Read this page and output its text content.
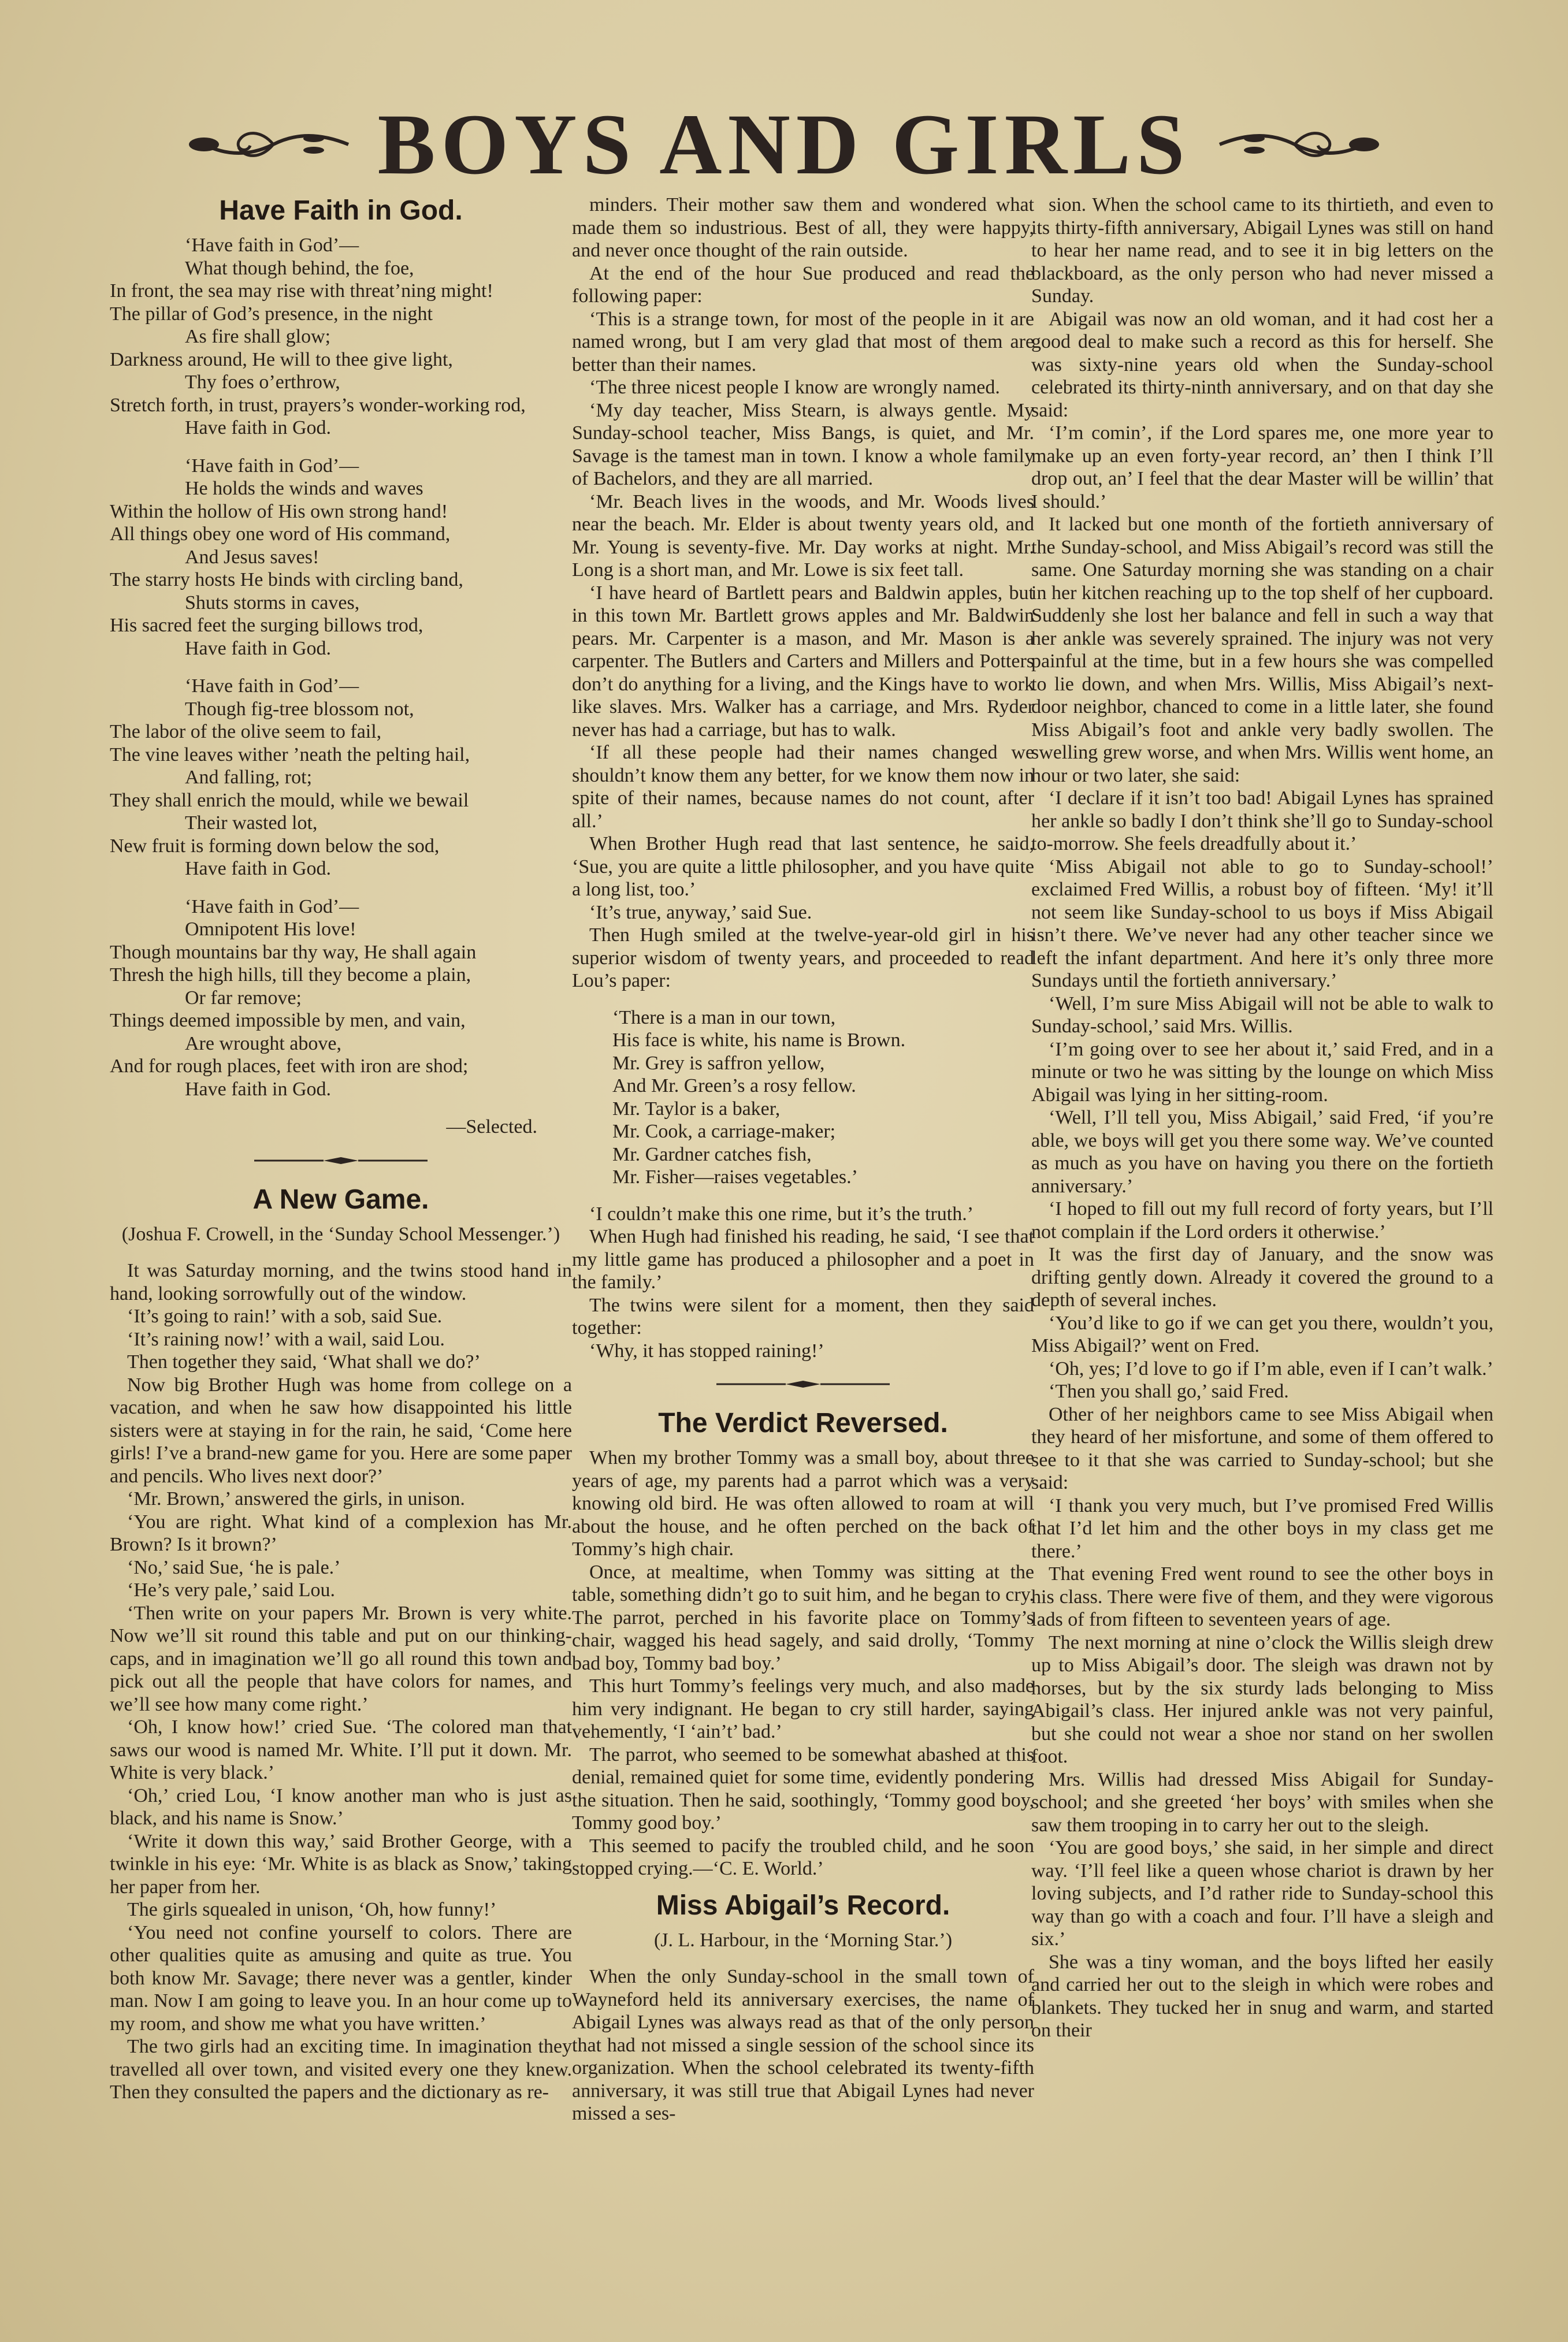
BOYS AND GIRLS
Have Faith in God.
‘Have faith in God’—
What though behind, the foe,
In front, the sea may rise with threat’ning might!
The pillar of God’s presence, in the night
As fire shall glow;
Darkness around, He will to thee give light,
Thy foes o’erthrow,
Stretch forth, in trust, prayers’s wonder-working rod,
Have faith in God.
‘Have faith in God’—
He holds the winds and waves
Within the hollow of His own strong hand!
All things obey one word of His command,
And Jesus saves!
The starry hosts He binds with circling band,
Shuts storms in caves,
His sacred feet the surging billows trod,
Have faith in God.
‘Have faith in God’—
Though fig-tree blossom not,
The labor of the olive seem to fail,
The vine leaves wither ’neath the pelting hail,
And falling, rot;
They shall enrich the mould, while we bewail
Their wasted lot,
New fruit is forming down below the sod,
Have faith in God.
‘Have faith in God’—
Omnipotent His love!
Though mountains bar thy way, He shall again
Thresh the high hills, till they become a plain,
Or far remove;
Things deemed impossible by men, and vain,
Are wrought above,
And for rough places, feet with iron are shod;
Have faith in God.
—Selected.
A New Game.

(Joshua F. Crowell, in the ‘Sunday School Messenger.’)

It was Saturday morning, and the twins stood hand in hand, looking sorrowfully out of the window.

‘It’s going to rain!’ with a sob, said Sue.

‘It’s raining now!’ with a wail, said Lou.

Then together they said, ‘What shall we do?’

Now big Brother Hugh was home from college on a vacation, and when he saw how disappointed his little sisters were at staying in for the rain, he said, ‘Come here girls! I’ve a brand-new game for you. Here are some paper and pencils. Who lives next door?’

‘Mr. Brown,’ answered the girls, in unison.

‘You are right. What kind of a complexion has Mr. Brown? Is it brown?’

‘No,’ said Sue, ‘he is pale.’

‘He’s very pale,’ said Lou.

‘Then write on your papers Mr. Brown is very white. Now we’ll sit round this table and put on our thinking-caps, and in imagination we’ll go all round this town and pick out all the people that have colors for names, and we’ll see how many come right.’

‘Oh, I know how!’ cried Sue. ‘The colored man that saws our wood is named Mr. White. I’ll put it down. Mr. White is very black.’

‘Oh,’ cried Lou, ‘I know another man who is just as black, and his name is Snow.’

‘Write it down this way,’ said Brother George, with a twinkle in his eye: ‘Mr. White is as black as Snow,’ taking her paper from her.

The girls squealed in unison, ‘Oh, how funny!’

‘You need not confine yourself to colors. There are other qualities quite as amusing and quite as true. You both know Mr. Savage; there never was a gentler, kinder man. Now I am going to leave you. In an hour come up to my room, and show me what you have written.’

The two girls had an exciting time. In imagination they travelled all over town, and visited every one they knew. Then they consulted the papers and the dictionary as re-

minders. Their mother saw them and wondered what made them so industrious. Best of all, they were happy, and never once thought of the rain outside.

At the end of the hour Sue produced and read the following paper:

‘This is a strange town, for most of the people in it are named wrong, but I am very glad that most of them are better than their names.

‘The three nicest people I know are wrongly named.

‘My day teacher, Miss Stearn, is always gentle. My Sunday-school teacher, Miss Bangs, is quiet, and Mr. Savage is the tamest man in town. I know a whole family of Bachelors, and they are all married.

‘Mr. Beach lives in the woods, and Mr. Woods lives near the beach. Mr. Elder is about twenty years old, and Mr. Young is seventy-five. Mr. Day works at night. Mr. Long is a short man, and Mr. Lowe is six feet tall.

‘I have heard of Bartlett pears and Baldwin apples, but in this town Mr. Bartlett grows apples and Mr. Baldwin pears. Mr. Carpenter is a mason, and Mr. Mason is a carpenter. The Butlers and Carters and Millers and Potters don’t do anything for a living, and the Kings have to work like slaves. Mrs. Walker has a carriage, and Mrs. Ryder never has had a carriage, but has to walk.

‘If all these people had their names changed we shouldn’t know them any better, for we know them now in spite of their names, because names do not count, after all.’

When Brother Hugh read that last sentence, he said, ‘Sue, you are quite a little philosopher, and you have quite a long list, too.’

‘It’s true, anyway,’ said Sue.

Then Hugh smiled at the twelve-year-old girl in his superior wisdom of twenty years, and proceeded to read Lou’s paper:

‘There is a man in our town,
His face is white, his name is Brown.
Mr. Grey is saffron yellow,
And Mr. Green’s a rosy fellow.
Mr. Taylor is a baker,
Mr. Cook, a carriage-maker;
Mr. Gardner catches fish,
Mr. Fisher—raises vegetables.’

‘I couldn’t make this one rime, but it’s the truth.’

When Hugh had finished his reading, he said, ‘I see that my little game has produced a philosopher and a poet in the family.’

The twins were silent for a moment, then they said together:

‘Why, it has stopped raining!’

The Verdict Reversed.

When my brother Tommy was a small boy, about three years of age, my parents had a parrot which was a very knowing old bird. He was often allowed to roam at will about the house, and he often perched on the back of Tommy’s high chair.

Once, at mealtime, when Tommy was sitting at the table, something didn’t go to suit him, and he began to cry. The parrot, perched in his favorite place on Tommy’s chair, wagged his head sagely, and said drolly, ‘Tommy bad boy, Tommy bad boy.’

This hurt Tommy’s feelings very much, and also made him very indignant. He began to cry still harder, saying vehemently, ‘I ‘ain’t’ bad.’

The parrot, who seemed to be somewhat abashed at this denial, remained quiet for some time, evidently pondering the situation. Then he said, soothingly, ‘Tommy good boy, Tommy good boy.’

This seemed to pacify the troubled child, and he soon stopped crying.—‘C. E. World.’

Miss Abigail’s Record.

(J. L. Harbour, in the ‘Morning Star.’)

When the only Sunday-school in the small town of Wayneford held its anniversary exercises, the name of Abigail Lynes was always read as that of the only person that had not missed a single session of the school since its organization. When the school celebrated its twenty-fifth anniversary, it was still true that Abigail Lynes had never missed a ses-

sion. When the school came to its thirtieth, and even to its thirty-fifth anniversary, Abigail Lynes was still on hand to hear her name read, and to see it in big letters on the blackboard, as the only person who had never missed a Sunday.

Abigail was now an old woman, and it had cost her a good deal to make such a record as this for herself. She was sixty-nine years old when the Sunday-school celebrated its thirty-ninth anniversary, and on that day she said:

‘I’m comin’, if the Lord spares me, one more year to make up an even forty-year record, an’ then I think I’ll drop out, an’ I feel that the dear Master will be willin’ that I should.’

It lacked but one month of the fortieth anniversary of the Sunday-school, and Miss Abigail’s record was still the same. One Saturday morning she was standing on a chair in her kitchen reaching up to the top shelf of her cupboard. Suddenly she lost her balance and fell in such a way that her ankle was severely sprained. The injury was not very painful at the time, but in a few hours she was compelled to lie down, and when Mrs. Willis, Miss Abigail’s next-door neighbor, chanced to come in a little later, she found Miss Abigail’s foot and ankle very badly swollen. The swelling grew worse, and when Mrs. Willis went home, an hour or two later, she said:

‘I declare if it isn’t too bad! Abigail Lynes has sprained her ankle so badly I don’t think she’ll go to Sunday-school to-morrow. She feels dreadfully about it.’

‘Miss Abigail not able to go to Sunday-school!’ exclaimed Fred Willis, a robust boy of fifteen. ‘My! it’ll not seem like Sunday-school to us boys if Miss Abigail isn’t there. We’ve never had any other teacher since we left the infant department. And here it’s only three more Sundays until the fortieth anniversary.’

‘Well, I’m sure Miss Abigail will not be able to walk to Sunday-school,’ said Mrs. Willis.

‘I’m going over to see her about it,’ said Fred, and in a minute or two he was sitting by the lounge on which Miss Abigail was lying in her sitting-room.

‘Well, I’ll tell you, Miss Abigail,’ said Fred, ‘if you’re able, we boys will get you there some way. We’ve counted as much as you have on having you there on the fortieth anniversary.’

‘I hoped to fill out my full record of forty years, but I’ll not complain if the Lord orders it otherwise.’

It was the first day of January, and the snow was drifting gently down. Already it covered the ground to a depth of several inches.

‘You’d like to go if we can get you there, wouldn’t you, Miss Abigail?’ went on Fred.

‘Oh, yes; I’d love to go if I’m able, even if I can’t walk.’

‘Then you shall go,’ said Fred.

Other of her neighbors came to see Miss Abigail when they heard of her misfortune, and some of them offered to see to it that she was carried to Sunday-school; but she said:

‘I thank you very much, but I’ve promised Fred Willis that I’d let him and the other boys in my class get me there.’

That evening Fred went round to see the other boys in his class. There were five of them, and they were vigorous lads of from fifteen to seventeen years of age.

The next morning at nine o’clock the Willis sleigh drew up to Miss Abigail’s door. The sleigh was drawn not by horses, but by the six sturdy lads belonging to Miss Abigail’s class. Her injured ankle was not very painful, but she could not wear a shoe nor stand on her swollen foot.

Mrs. Willis had dressed Miss Abigail for Sunday-school; and she greeted ‘her boys’ with smiles when she saw them trooping in to carry her out to the sleigh.

‘You are good boys,’ she said, in her simple and direct way. ‘I’ll feel like a queen whose chariot is drawn by her loving subjects, and I’d rather ride to Sunday-school this way than go with a coach and four. I’ll have a sleigh and six.’

She was a tiny woman, and the boys lifted her easily and carried her out to the sleigh in which were robes and blankets. They tucked her in snug and warm, and started on their
